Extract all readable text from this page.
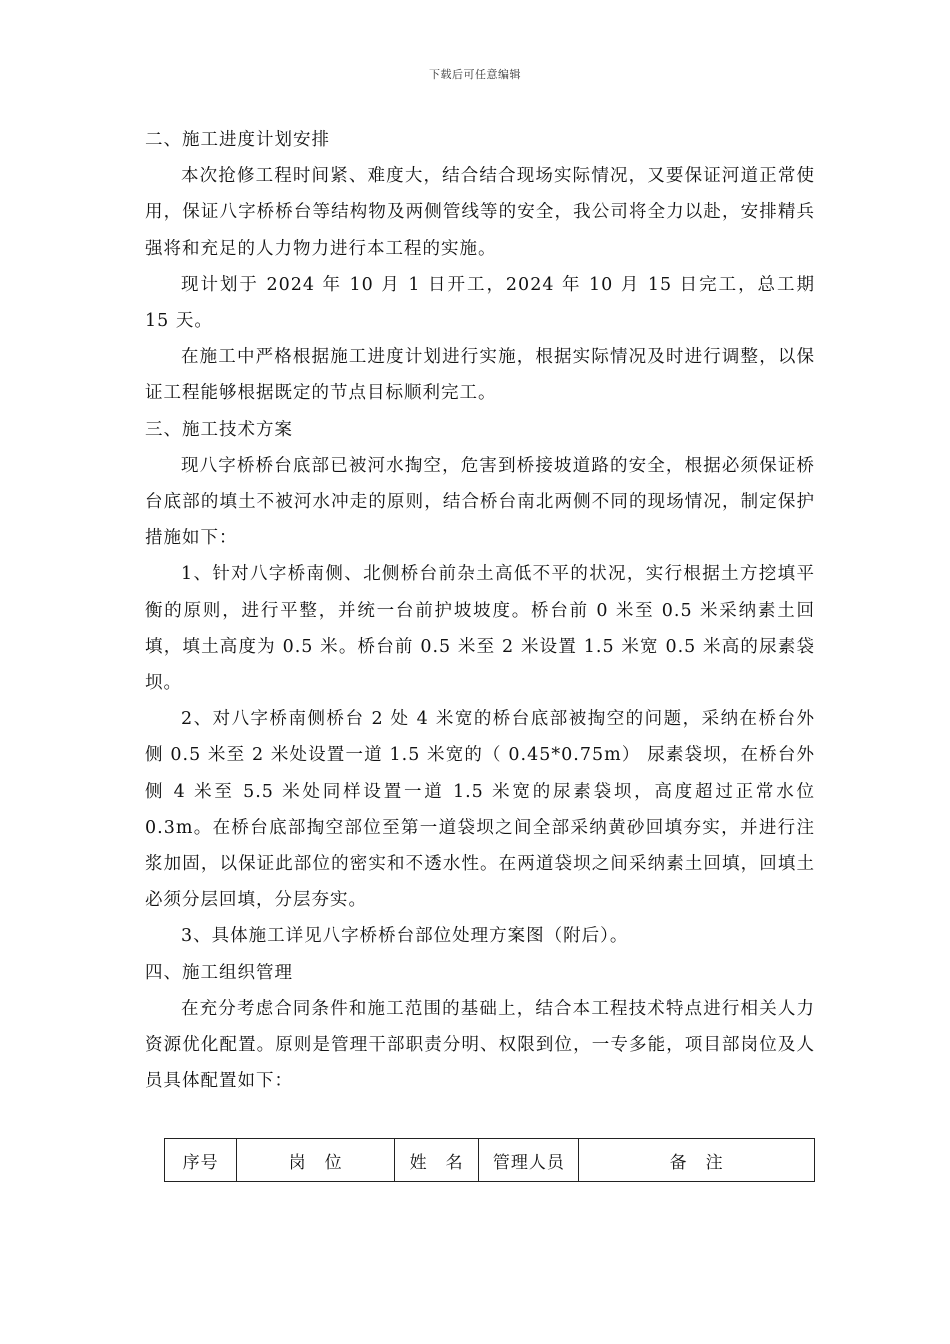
下载后可任意编辑

二、施工进度计划安排

本次抢修工程时间紧、难度大，结合结合现场实际情况，又要保证河道正常使用，保证八字桥桥台等结构物及两侧管线等的安全，我公司将全力以赴，安排精兵强将和充足的人力物力进行本工程的实施。

现计划于 2024 年 10 月 1 日开工，2024 年 10 月 15 日完工，总工期 15 天。

在施工中严格根据施工进度计划进行实施，根据实际情况及时进行调整，以保证工程能够根据既定的节点目标顺利完工。

三、施工技术方案

现八字桥桥台底部已被河水掏空，危害到桥接坡道路的安全，根据必须保证桥台底部的填土不被河水冲走的原则，结合桥台南北两侧不同的现场情况，制定保护措施如下：

1、针对八字桥南侧、北侧桥台前杂土高低不平的状况，实行根据土方挖填平衡的原则，进行平整，并统一台前护坡坡度。桥台前 0 米至 0.5 米采纳素土回填，填土高度为 0.5 米。桥台前 0.5 米至 2 米设置 1.5 米宽 0.5 米高的尿素袋坝。

2、对八字桥南侧桥台 2 处 4 米宽的桥台底部被掏空的问题，采纳在桥台外侧 0.5 米至 2 米处设置一道 1.5 米宽的（ 0.45*0.75m） 尿素袋坝，在桥台外侧 4 米至 5.5 米处同样设置一道 1.5 米宽的尿素袋坝，高度超过正常水位 0.3m。在桥台底部掏空部位至第一道袋坝之间全部采纳黄砂回填夯实，并进行注浆加固，以保证此部位的密实和不透水性。在两道袋坝之间采纳素土回填，回填土必须分层回填，分层夯实。

3、具体施工详见八字桥桥台部位处理方案图（附后）。

四、施工组织管理

在充分考虑合同条件和施工范围的基础上，结合本工程技术特点进行相关人力资源优化配置。原则是管理干部职责分明、权限到位，一专多能，项目部岗位及人员具体配置如下：

序号	岗　位	姓　名	管理人员	备　注
